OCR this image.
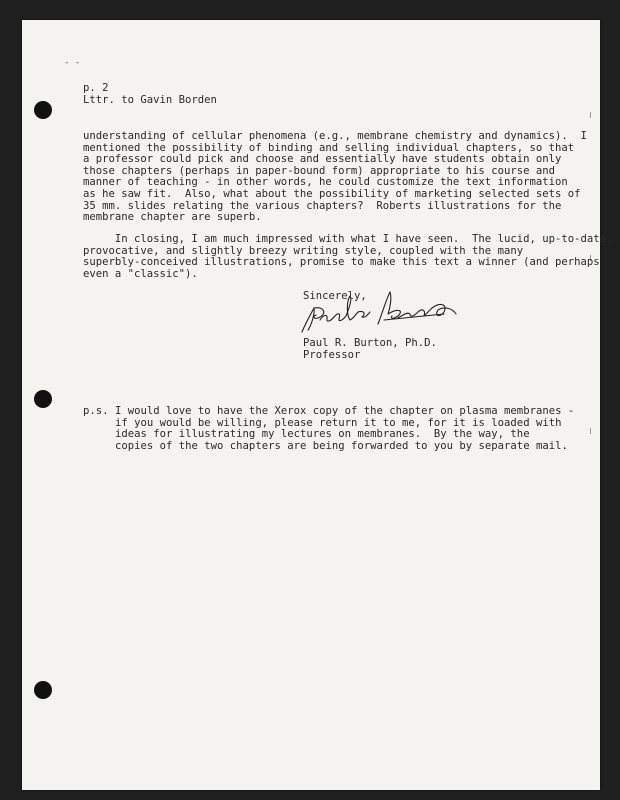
- -

p. 2

Lttr. to Gavin Borden

understanding of cellular phenomena (e.g., membrane chemistry and dynamics).  I

mentioned the possibility of binding and selling individual chapters, so that

a professor could pick and choose and essentially have students obtain only

those chapters (perhaps in paper-bound form) appropriate to his course and

manner of teaching - in other words, he could customize the text information

as he saw fit.  Also, what about the possibility of marketing selected sets of

35 mm. slides relating the various chapters?  Roberts illustrations for the

membrane chapter are superb.

In closing, I am much impressed with what I have seen.  The lucid, up-to-date,

provocative, and slightly breezy writing style, coupled with the many

superbly-conceived illustrations, promise to make this text a winner (and perhaps

even a "classic").

Sincerely,

Paul R. Burton, Ph.D.

Professor

p.s. I would love to have the Xerox copy of the chapter on plasma membranes -

if you would be willing, please return it to me, for it is loaded with

ideas for illustrating my lectures on membranes.  By the way, the

copies of the two chapters are being forwarded to you by separate mail.
